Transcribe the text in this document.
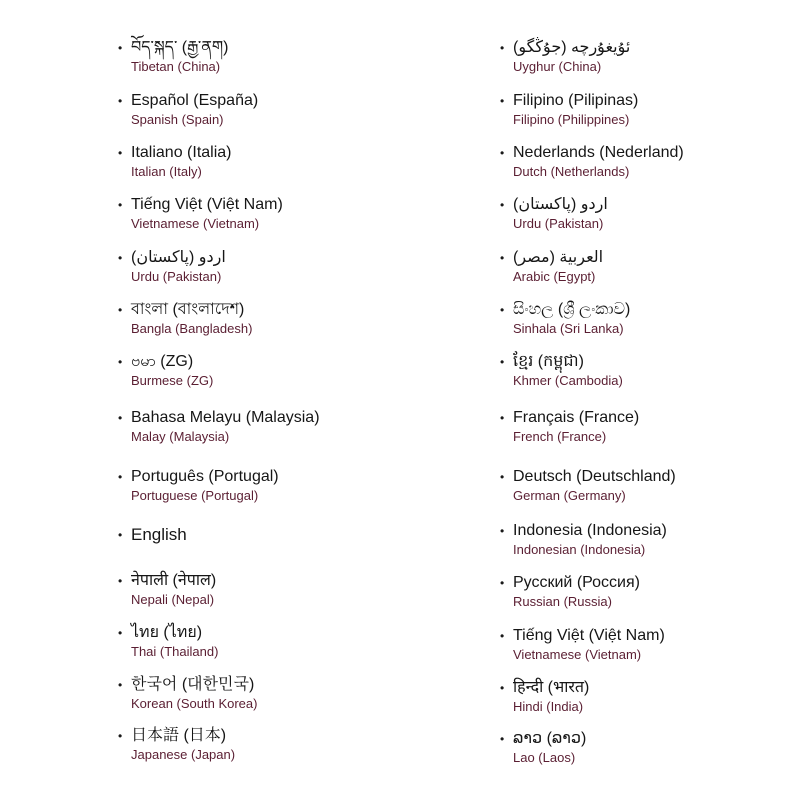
• བོད་སྐད་ (རྒྱ་ནག)
Tibetan (China)
• Español (España)
Spanish (Spain)
• Italiano (Italia)
Italian (Italy)
• Tiếng Việt (Việt Nam)
Vietnamese (Vietnam)
• اردو (پاکستان)
Urdu (Pakistan)
• বাংলা (বাংলাদেশ)
Bangla (Bangladesh)
• ဗမာ (ZG)
Burmese (ZG)
• Bahasa Melayu (Malaysia)
Malay (Malaysia)
• Português (Portugal)
Portuguese (Portugal)
• English
• नेपाली (नेपाल)
Nepali (Nepal)
• ไทย (ไทย)
Thai (Thailand)
• 한국어 (대한민국)
Korean (South Korea)
• 日本語 (日本)
Japanese (Japan)
• ئۇيغۇرچە (جۇڭگو)
Uyghur (China)
• Filipino (Pilipinas)
Filipino (Philippines)
• Nederlands (Nederland)
Dutch (Netherlands)
• اردو (پاکستان)
Urdu (Pakistan)
• العربية (مصر)
Arabic (Egypt)
• සිංහල (ශ්‍රී ලංකාව)
Sinhala (Sri Lanka)
• ខ្មែរ (កម្ពុជា)
Khmer (Cambodia)
• Français (France)
French (France)
• Deutsch (Deutschland)
German (Germany)
• Indonesia (Indonesia)
Indonesian (Indonesia)
• Русский (Россия)
Russian (Russia)
• Tiếng Việt (Việt Nam)
Vietnamese (Vietnam)
• हिन्दी (भारत)
Hindi (India)
• ລາວ (ລາວ)
Lao (Laos)
